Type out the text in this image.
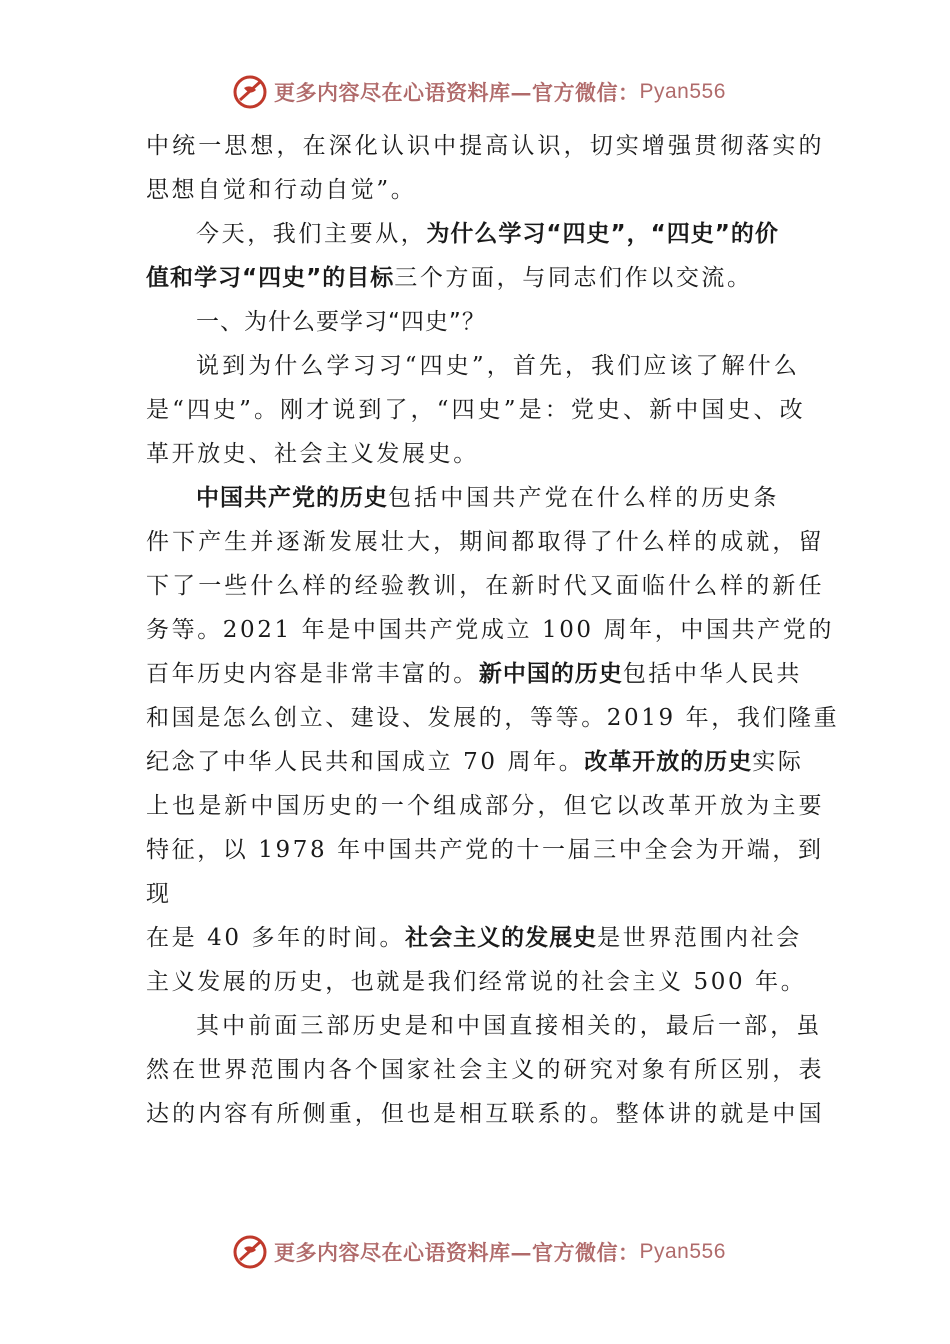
更多内容尽在心语资料库—官方微信： Pyan556
中统一思想，在深化认识中提高认识，切实增强贯彻落实的
思想自觉和行动自觉”。
今天，我们主要从，为什么学习“四史”，“四史”的价
值和学习“四史”的目标三个方面，与同志们作以交流。
一、为什么要学习“四史”？
说到为什么学习习“四史”，首先，我们应该了解什么
是“四史”。刚才说到了，“四史”是：党史、新中国史、改
革开放史、社会主义发展史。
中国共产党的历史包括中国共产党在什么样的历史条
件下产生并逐渐发展壮大，期间都取得了什么样的成就，留
下了一些什么样的经验教训，在新时代又面临什么样的新任
务等。2021 年是中国共产党成立 100 周年，中国共产党的
百年历史内容是非常丰富的。新中国的历史包括中华人民共
和国是怎么创立、建设、发展的，等等。2019 年，我们隆重
纪念了中华人民共和国成立 70 周年。改革开放的历史实际
上也是新中国历史的一个组成部分，但它以改革开放为主要
特征，以 1978 年中国共产党的十一届三中全会为开端，到
现
在是 40 多年的时间。社会主义的发展史是世界范围内社会
主义发展的历史，也就是我们经常说的社会主义 500 年。
其中前面三部历史是和中国直接相关的，最后一部，虽
然在世界范围内各个国家社会主义的研究对象有所区别，表
达的内容有所侧重，但也是相互联系的。整体讲的就是中国
更多内容尽在心语资料库—官方微信： Pyan556
